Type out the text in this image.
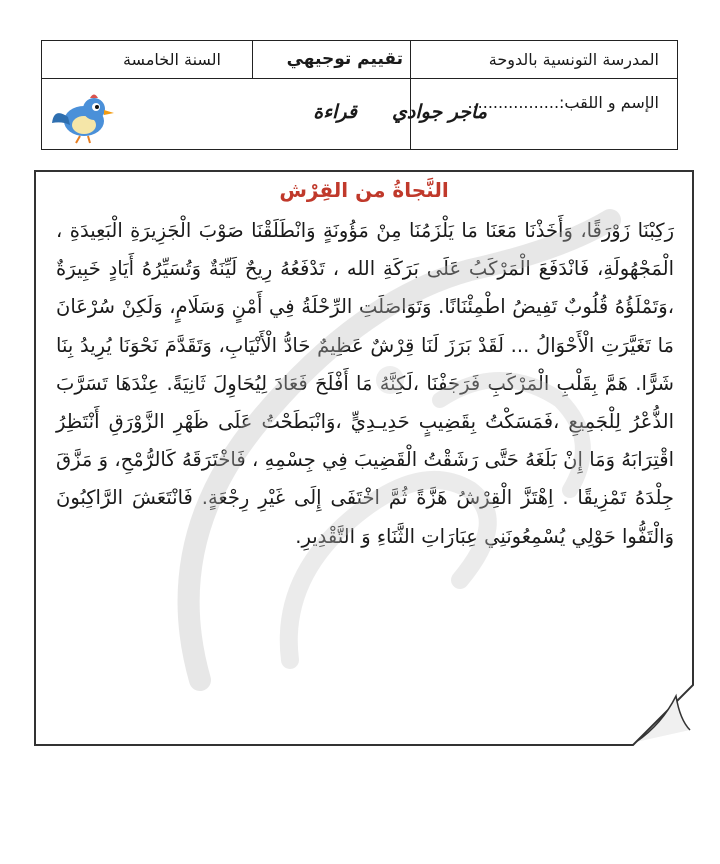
المدرسة التونسية بالدوحة
تقييم توجيهي
السنة الخامسة
الإسم و اللقب:..................
ماجر جوادي
قراءة
النَّجاةُ من القِرْش
رَكِبْنَا زَوْرَقًا، وَأَخَذْنَا مَعَنَا مَا يَلْزَمُنَا مِنْ مَؤُونَةٍ وَانْطَلَقْنَا صَوْبَ الْجَزِيرَةِ الْبَعِيدَةِ ، الْمَجْهُولَةِ، فَانْدَفَعَ الْمَرْكَبُ عَلَى بَرَكَةِ الله ، تَدْفَعُهُ رِيحٌ لَيِّنَةٌ وَتُسَيِّرُهُ أَيَادٍ خَبِيرَةٌ ،وَتَمْلَؤُهُ قُلُوبٌ تَفِيضُ اطْمِئْنَانًا. وَتَوَاصَلَتِ الرِّحْلَةُ فِي أَمْنٍ وَسَلَامٍ، وَلَكِنْ سُرْعَانَ مَا تَغَيَّرَتِ الْأَحْوَالُ ... لَقَدْ بَرَزَ لَنَا قِرْشٌ عَظِيمٌ حَادُّ الْأَنْيَابِ، وَتَقَدَّمَ نَحْوَنَا يُرِيدُ بِنَا شَرًّا. هَمَّ بِقَلْبِ الْمَرْكَبِ فَرَجَفْنَا ،لَكِنَّهُ مَا أَفْلَحَ فَعَادَ لِيُحَاوِلَ ثَانِيَةً. عِنْدَهَا تَسَرَّبَ الذُّعْرُ لِلْجَمِيعِ ،فَمَسَكْتُ بِقَضِيبٍ حَدِيـدِيٍّ ،وَانْبَطَحْتُ عَلَى ظَهْرِ الزَّوْرَقِ أَنْتَظِرُ اقْتِرَابَهُ وَمَا إِنْ بَلَغَهُ حَتَّى رَشَقْتُ الْقَضِيبَ فِي جِسْمِهِ ، فَاخْتَرَقَهُ كَالرُّمْحِ، وَ مَزَّقَ جِلْدَهُ تَمْزِيقًا . اِهْتَزَّ الْقِرْشُ هَزَّةً ثُمَّ اخْتَفَى إِلَى غَيْرِ رِجْعَةٍ. فَانْتَعَشَ الرَّاكِبُونَ وَالْتَفُّوا حَوْلِي يُسْمِعُونَنِي عِبَارَاتِ الثَّنَاءِ وَ التَّقْدِيرِ.
